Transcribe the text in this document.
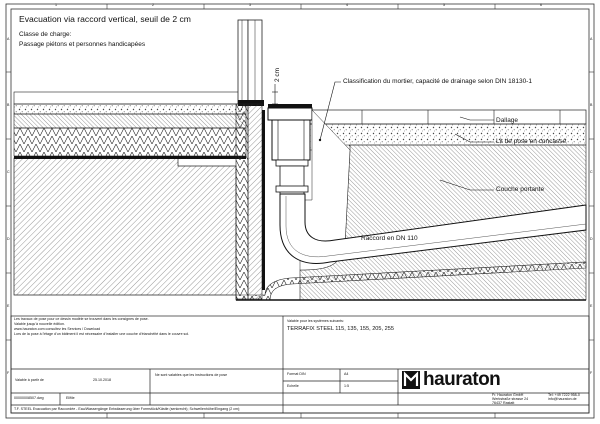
1	2	3	4	5	6
A
B
C
D
E
F
A
B
C
D
E
F
Evacuation via raccord vertical, seuil de 2 cm
Classe de charge:
Passage piétons et personnes handicapées
2 cm	Classification du mortier, capacité de drainage selon DIN 18130-1
Dallage
Lit de pose en concassé
Couche portante
Raccord en DN 110
Les travaux de pose pour ce dessin modèle se trouvent dans les consignes de pose.
Valable jusqu'à nouvelle édition.
www.hauraton.com consultez les Services / Download
Lors de la pose à l'étage d'un bâtiment il est nécessaire d'installer une couche d'étanchéité dans le couvre sol.
Valable pour les systèmes suivants:
TERRAFIX STEEL 115, 135, 155, 205, 255
Valable à partir de	25.10.2018
Ne sont valables que les instructions de pose	Format DIN	A4
Echelle	1:5
00000008507.dwg	Ellfile
T.F. STEEL Evacuation par Raccordée - Eau/Wassergänge Entwässerung über Formstück/Kästle (senkrecht); Schwellenhöhe/Eingang (2 cm);
hauraton
Fr. Hauraton GmbH
Werkstraße strasse 24
76437 Rastatt
Tel: +49 7222 958-0
info@hauraton.de
